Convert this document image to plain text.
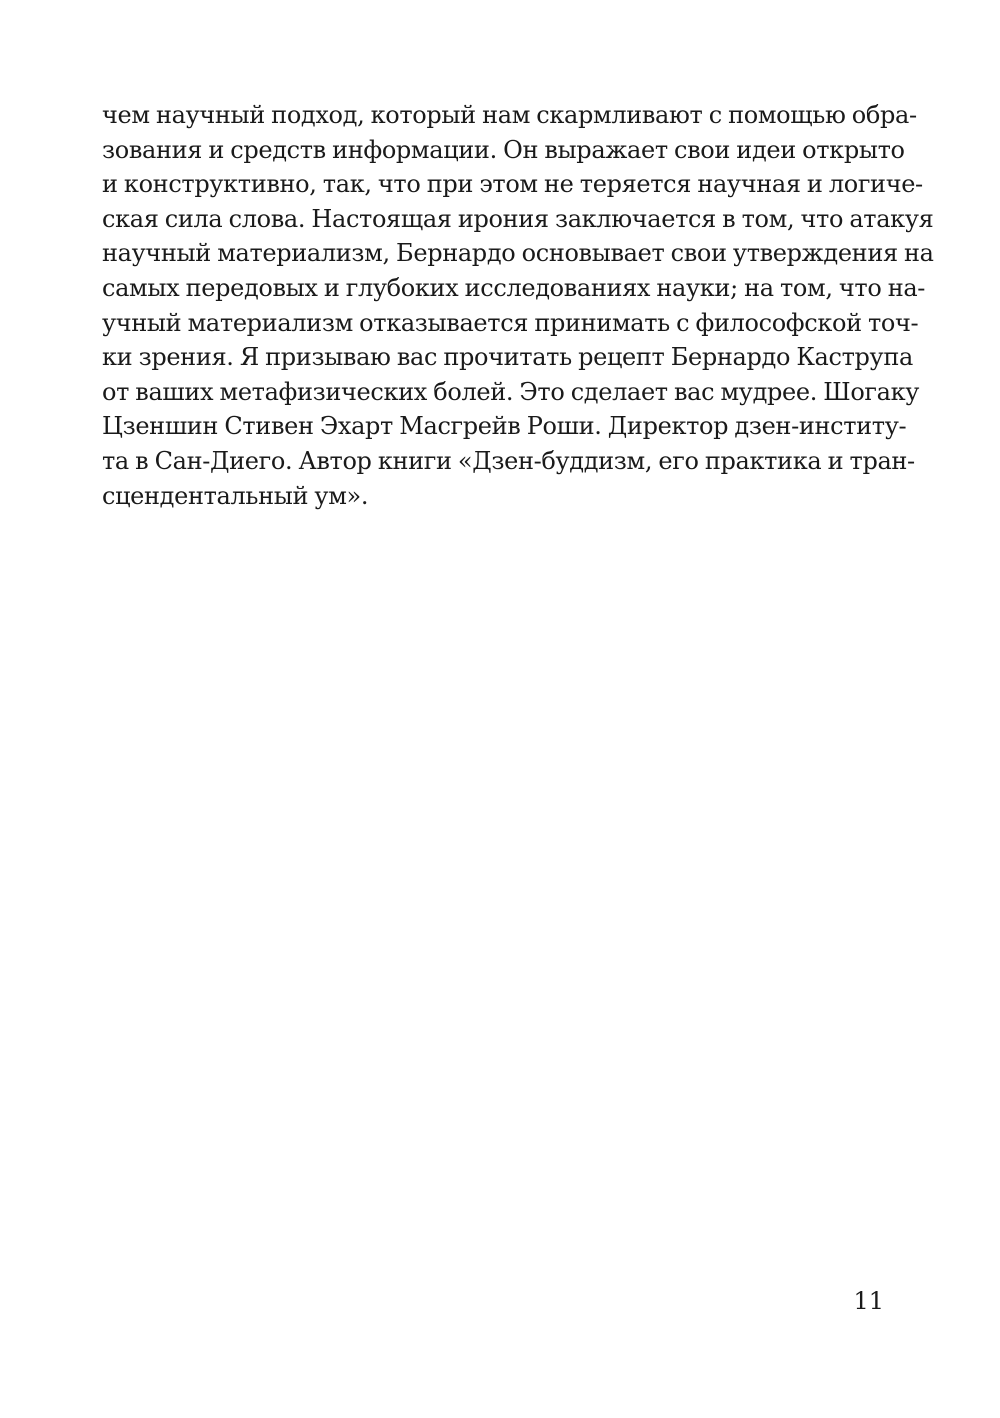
чем научный подход, который нам скармливают с помощью обра-
зования и средств информации. Он выражает свои идеи открыто
и конструктивно, так, что при этом не теряется научная и логиче-
ская сила слова. Настоящая ирония заключается в том, что атакуя
научный материализм, Бернардо основывает свои утверждения на
самых передовых и глубоких исследованиях науки; на том, что на-
учный материализм отказывается принимать с философской точ-
ки зрения. Я призываю вас прочитать рецепт Бернардо Каструпа
от ваших метафизических болей. Это сделает вас мудрее. Шогаку
Цзеншин Стивен Эхарт Масгрейв Роши. Директор дзен-институ-
та в Сан-Диего. Автор книги «Дзен-буддизм, его практика и тран-
сцендентальный ум».
11
